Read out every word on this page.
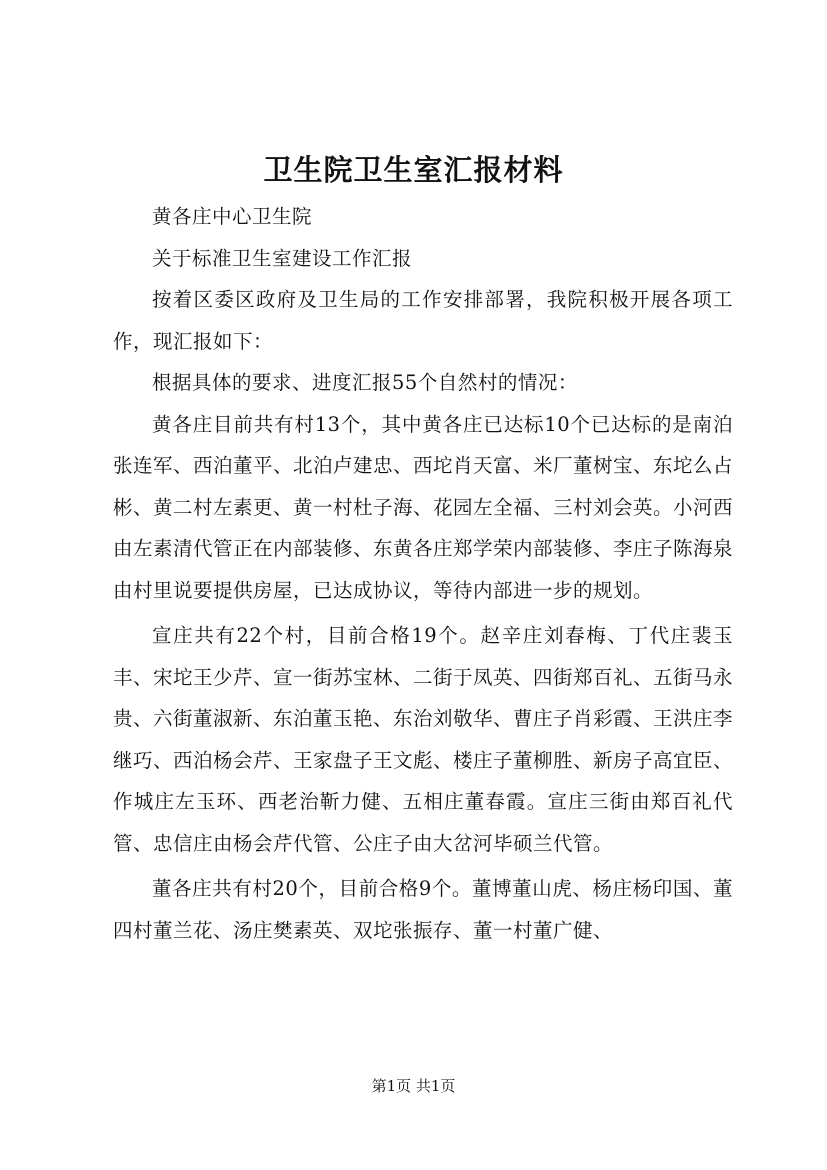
卫生院卫生室汇报材料

黄各庄中心卫生院

关于标准卫生室建设工作汇报

按着区委区政府及卫生局的工作安排部署，我院积极开展各项工作，现汇报如下：

根据具体的要求、进度汇报55个自然村的情况：

黄各庄目前共有村13个，其中黄各庄已达标10个已达标的是南泊张连军、西泊董平、北泊卢建忠、西坨肖天富、米厂董树宝、东坨么占彬、黄二村左素更、黄一村杜子海、花园左全福、三村刘会英。小河西由左素清代管正在内部装修、东黄各庄郑学荣内部装修、李庄子陈海泉由村里说要提供房屋，已达成协议，等待内部进一步的规划。

宣庄共有22个村，目前合格19个。赵辛庄刘春梅、丁代庄裴玉丰、宋坨王少芹、宣一街苏宝林、二街于凤英、四街郑百礼、五街马永贵、六街董淑新、东泊董玉艳、东治刘敬华、曹庄子肖彩霞、王洪庄李继巧、西泊杨会芹、王家盘子王文彪、楼庄子董柳胜、新房子高宜臣、作城庄左玉环、西老治靳力健、五相庄董春霞。宣庄三街由郑百礼代管、忠信庄由杨会芹代管、公庄子由大岔河毕硕兰代管。

董各庄共有村20个，目前合格9个。董博董山虎、杨庄杨印国、董四村董兰花、汤庄樊素英、双坨张振存、董一村董广健、

第1页 共1页
